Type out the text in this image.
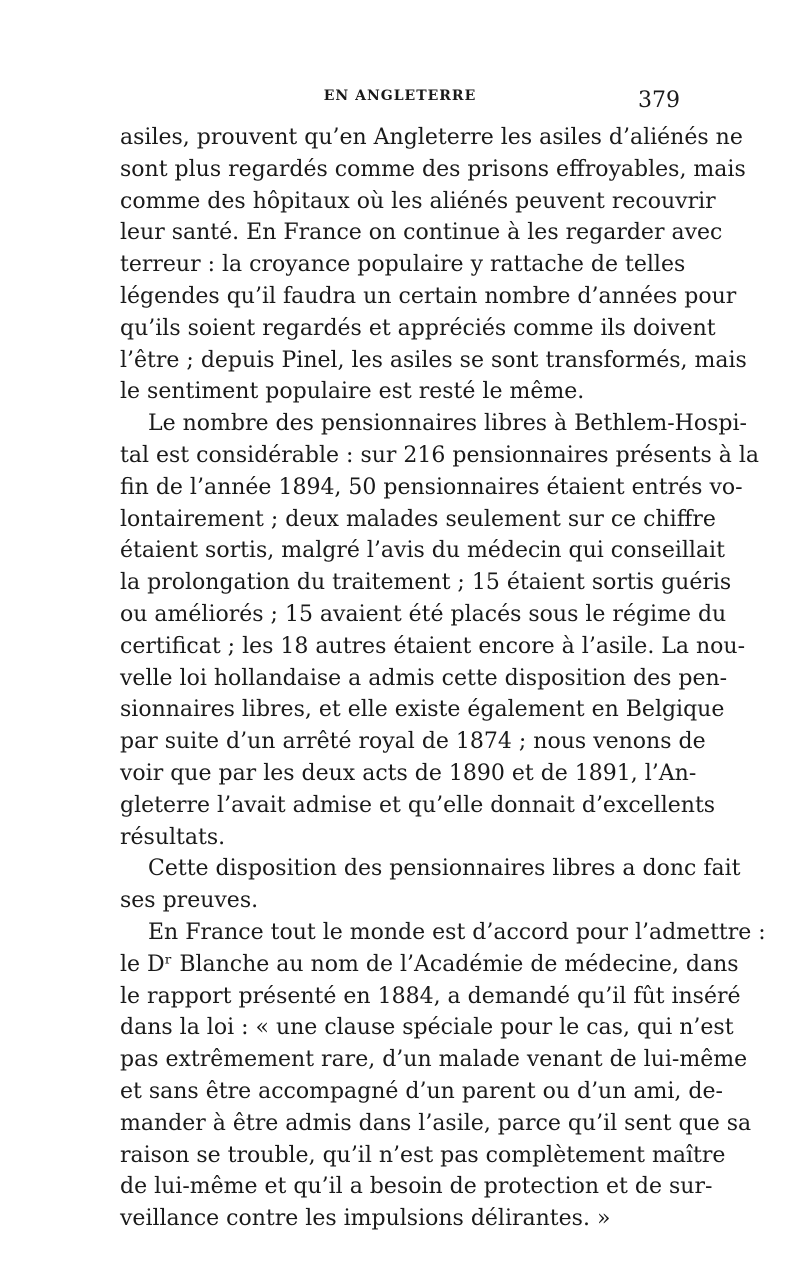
EN ANGLETERRE	379
asiles, prouvent qu’en Angleterre les asiles d’aliénés ne
sont plus regardés comme des prisons effroyables, mais
comme des hôpitaux où les aliénés peuvent recouvrir
leur santé. En France on continue à les regarder avec
terreur : la croyance populaire y rattache de telles
légendes qu’il faudra un certain nombre d’années pour
qu’ils soient regardés et appréciés comme ils doivent
l’être ; depuis Pinel, les asiles se sont transformés, mais
le sentiment populaire est resté le même.
Le nombre des pensionnaires libres à Bethlem-Hospi-
tal est considérable : sur 216 pensionnaires présents à la
fin de l’année 1894, 50 pensionnaires étaient entrés vo-
lontairement ; deux malades seulement sur ce chiffre
étaient sortis, malgré l’avis du médecin qui conseillait
la prolongation du traitement ; 15 étaient sortis guéris
ou améliorés ; 15 avaient été placés sous le régime du
certificat ; les 18 autres étaient encore à l’asile. La nou-
velle loi hollandaise a admis cette disposition des pen-
sionnaires libres, et elle existe également en Belgique
par suite d’un arrêté royal de 1874 ; nous venons de
voir que par les deux acts de 1890 et de 1891, l’An-
gleterre l’avait admise et qu’elle donnait d’excellents
résultats.
Cette disposition des pensionnaires libres a donc fait
ses preuves.
En France tout le monde est d’accord pour l’admettre :
le Dʳ Blanche au nom de l’Académie de médecine, dans
le rapport présenté en 1884, a demandé qu’il fût inséré
dans la loi : « une clause spéciale pour le cas, qui n’est
pas extrêmement rare, d’un malade venant de lui-même
et sans être accompagné d’un parent ou d’un ami, de-
mander à être admis dans l’asile, parce qu’il sent que sa
raison se trouble, qu’il n’est pas complètement maître
de lui-même et qu’il a besoin de protection et de sur-
veillance contre les impulsions délirantes. »
